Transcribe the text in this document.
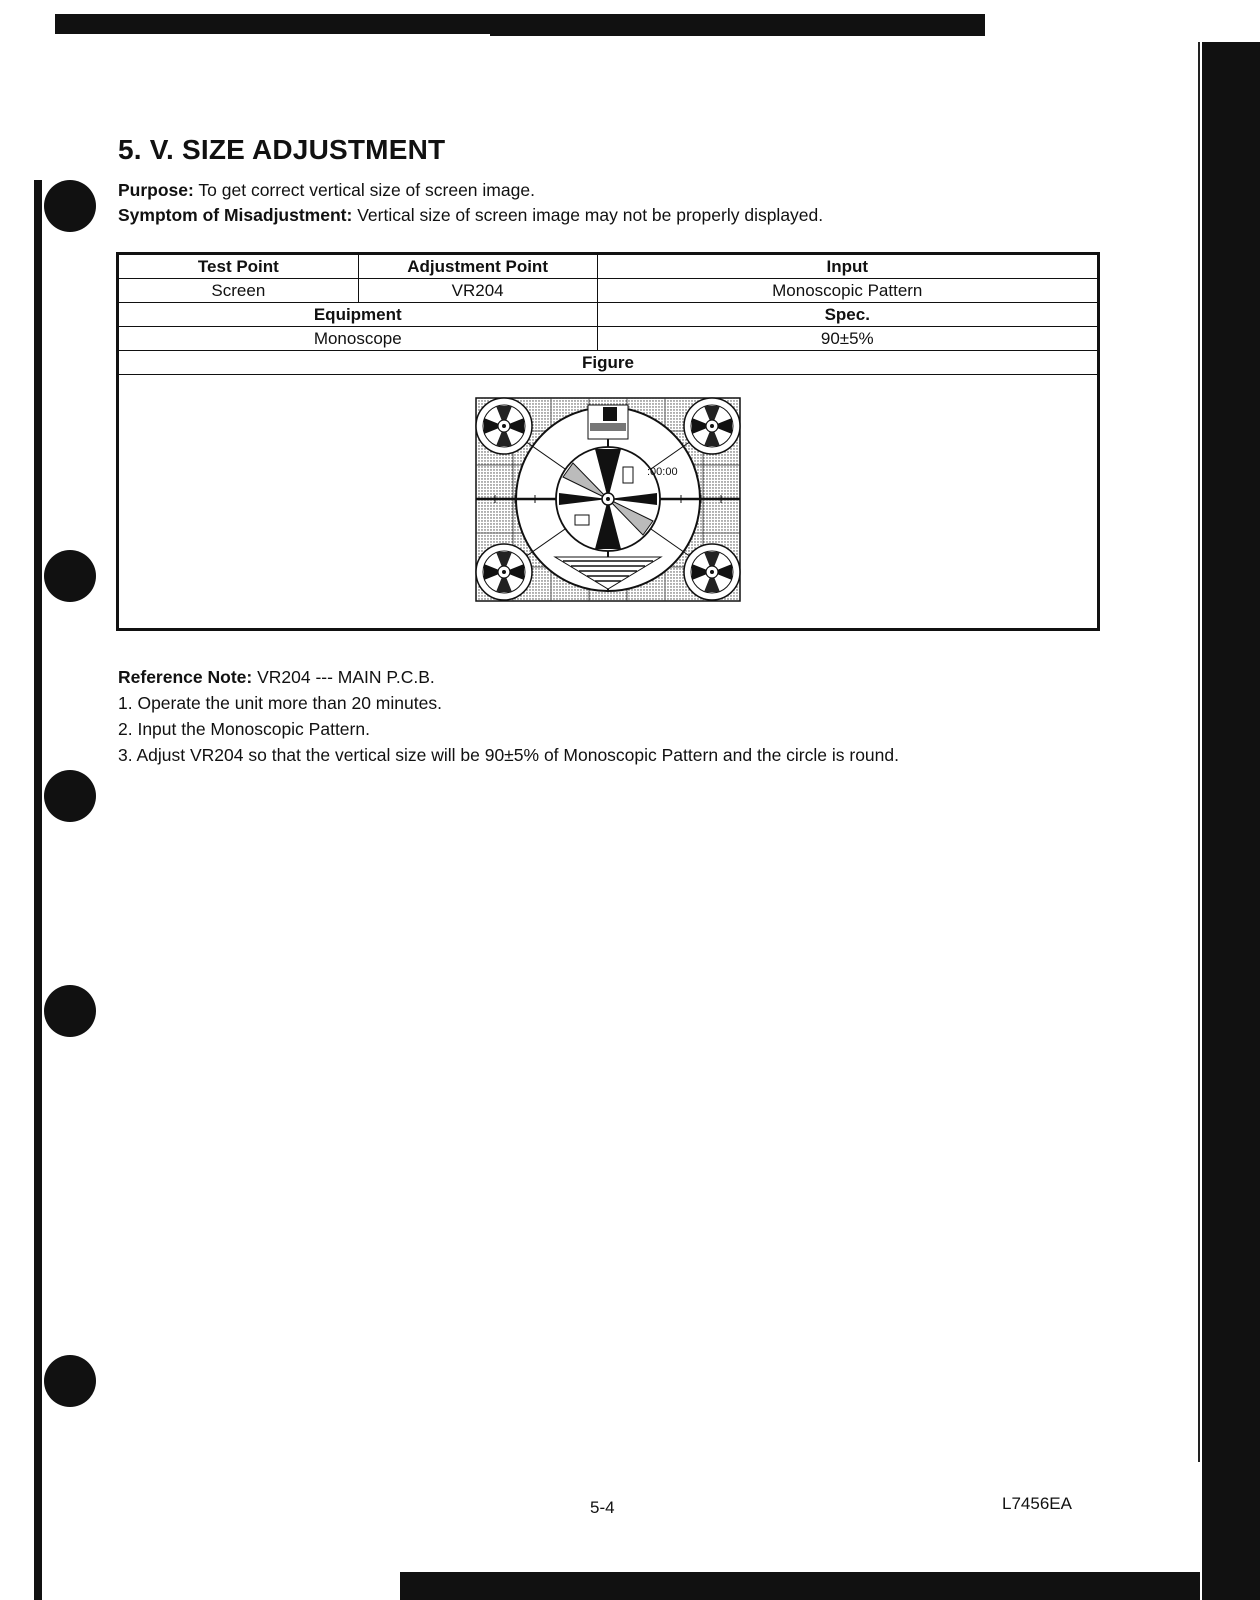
5. V. SIZE ADJUSTMENT
Purpose: To get correct vertical size of screen image.
Symptom of Misadjustment: Vertical size of screen image may not be properly displayed.
Test Point	Adjustment Point	Input
Screen	VR204	Monoscopic Pattern
Equipment		Spec.
Monoscope		90±5%
Figure		

:00:00		
Reference Note: VR204 --- MAIN P.C.B.
1. Operate the unit more than 20 minutes.
2. Input the Monoscopic Pattern.
3. Adjust VR204 so that the vertical size will be 90±5% of Monoscopic Pattern and the circle is round.
5-4	L7456EA
